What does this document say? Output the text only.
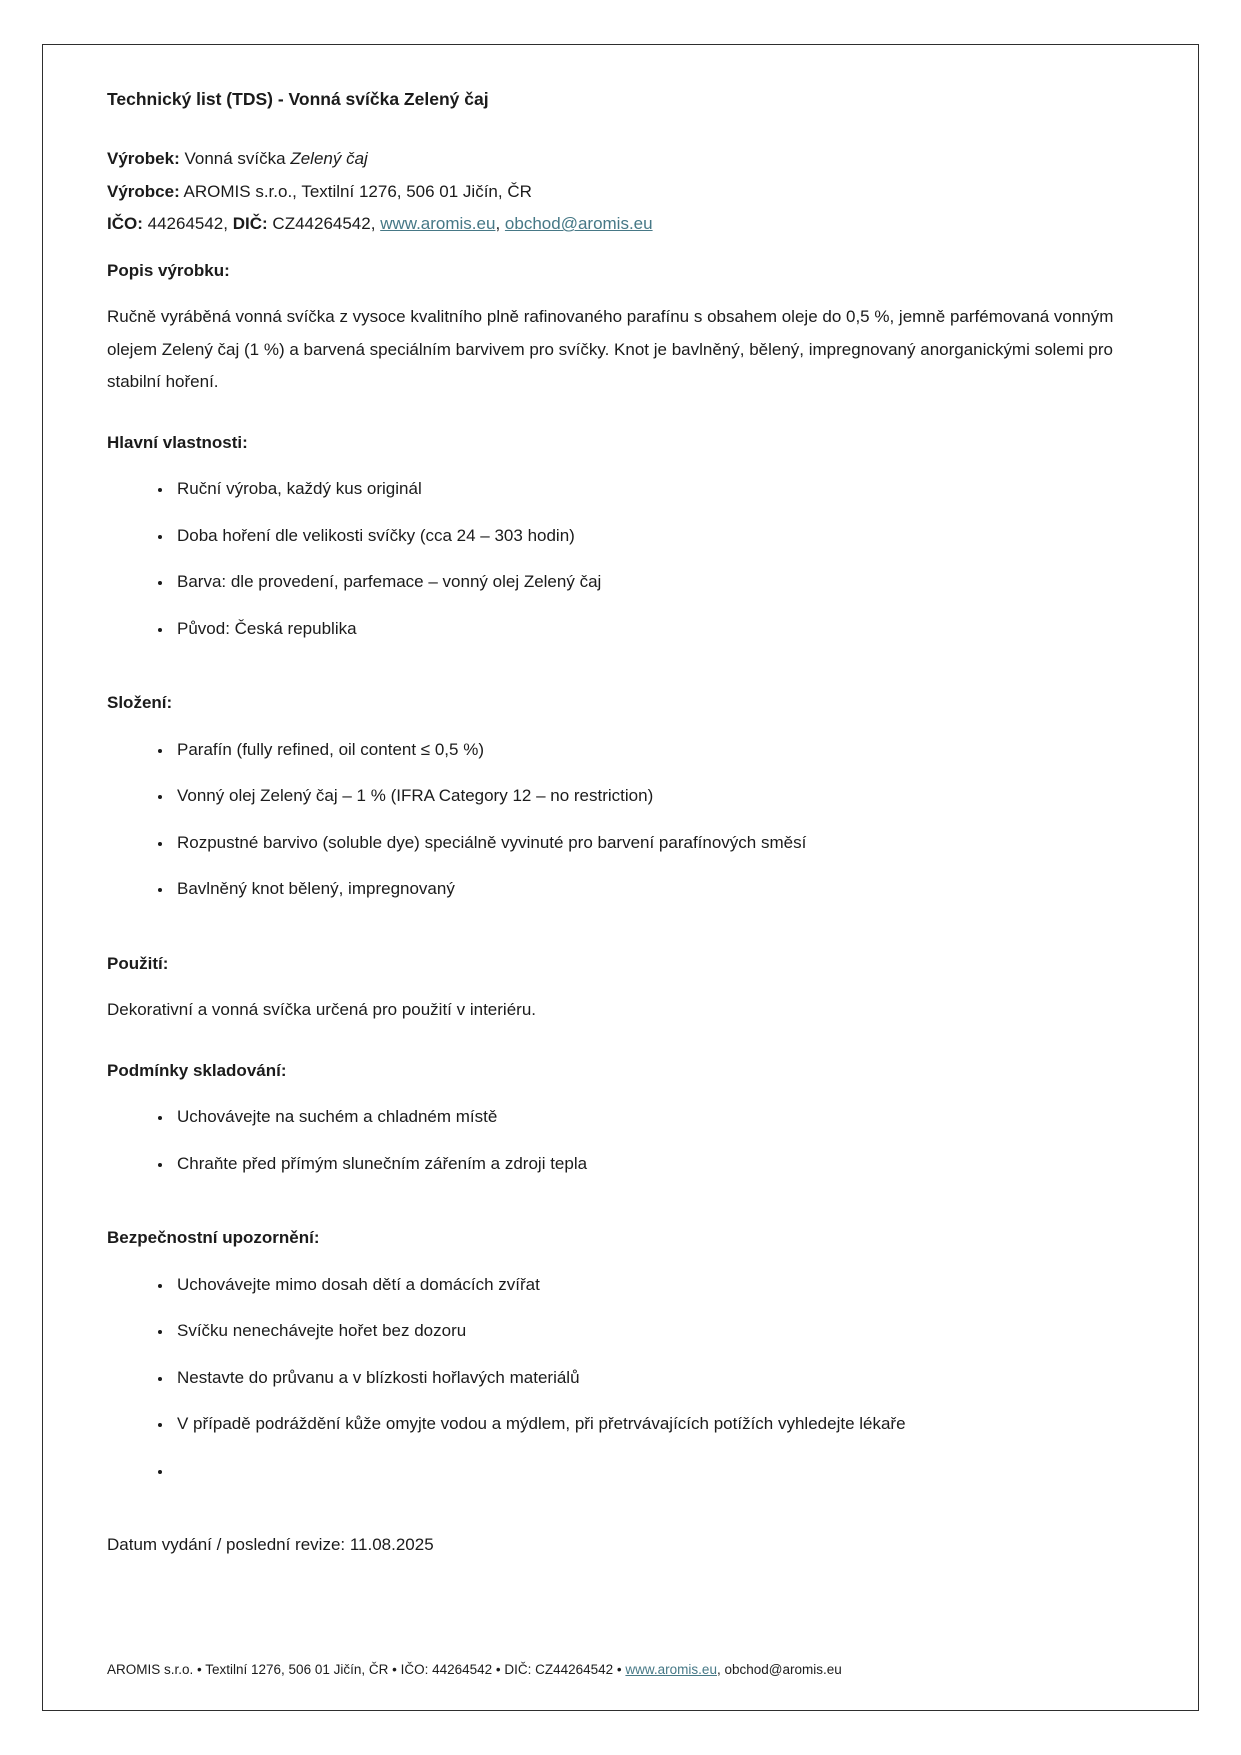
Technický list (TDS) - Vonná svíčka Zelený čaj

Výrobek: Vonná svíčka Zelený čaj

Výrobce: AROMIS s.r.o., Textilní 1276, 506 01 Jičín, ČR

IČO: 44264542, DIČ: CZ44264542, www.aromis.eu, obchod@aromis.eu

Popis výrobku:

Ručně vyráběná vonná svíčka z vysoce kvalitního plně rafinovaného parafínu s obsahem oleje do 0,5 %, jemně parfémovaná vonným olejem Zelený čaj (1 %) a barvená speciálním barvivem pro svíčky. Knot je bavlněný, bělený, impregnovaný anorganickými solemi pro stabilní hoření.

Hlavní vlastnosti:
• Ruční výroba, každý kus originál
• Doba hoření dle velikosti svíčky (cca 24 – 303 hodin)
• Barva: dle provedení, parfemace – vonný olej Zelený čaj
• Původ: Česká republika
Složení:
• Parafín (fully refined, oil content ≤ 0,5 %)
• Vonný olej Zelený čaj – 1 % (IFRA Category 12 – no restriction)
• Rozpustné barvivo (soluble dye) speciálně vyvinuté pro barvení parafínových směsí
• Bavlněný knot bělený, impregnovaný
Použití:

Dekorativní a vonná svíčka určená pro použití v interiéru.

Podmínky skladování:
• Uchovávejte na suchém a chladném místě
• Chraňte před přímým slunečním zářením a zdroji tepla
Bezpečnostní upozornění:
• Uchovávejte mimo dosah dětí a domácích zvířat
• Svíčku nenechávejte hořet bez dozoru
• Nestavte do průvanu a v blízkosti hořlavých materiálů
• V případě podráždění kůže omyjte vodou a mýdlem, při přetrvávajících potížích vyhledejte lékaře
•

Datum vydání / poslední revize: 11.08.2025

AROMIS s.r.o. • Textilní 1276, 506 01 Jičín, ČR • IČO: 44264542 • DIČ: CZ44264542 • www.aromis.eu, obchod@aromis.eu
